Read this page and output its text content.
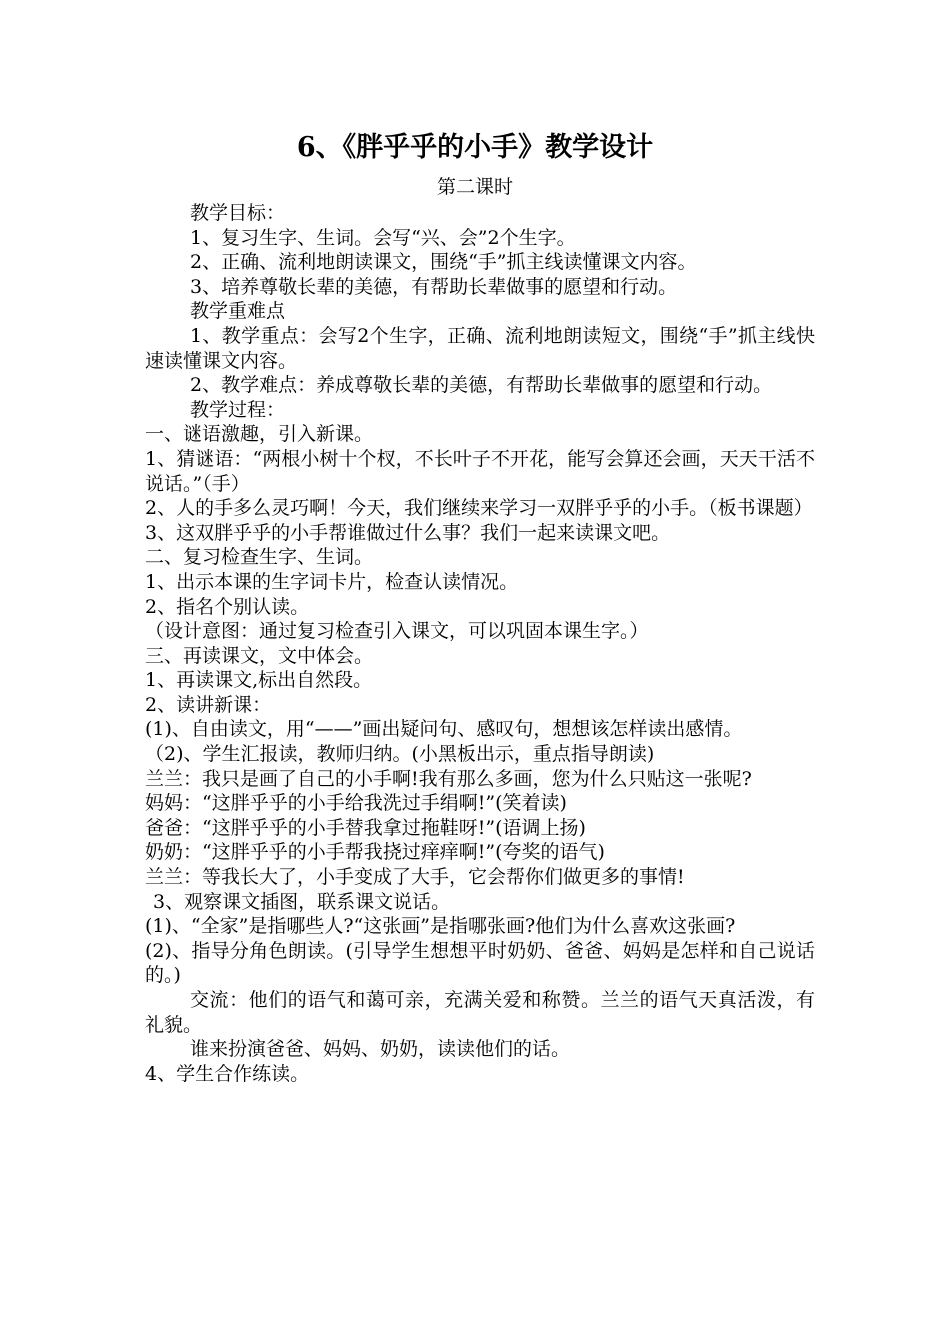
6、《胖乎乎的小手》教学设计
第二课时

教学目标：

1、复习生字、生词。会写“兴、会”2个生字。

2、正确、流利地朗读课文，围绕“手”抓主线读懂课文内容。

3、培养尊敬长辈的美德，有帮助长辈做事的愿望和行动。

教学重难点

1、教学重点：会写2个生字，正确、流利地朗读短文，围绕“手”抓主线快速读懂课文内容。

2、教学难点：养成尊敬长辈的美德，有帮助长辈做事的愿望和行动。

教学过程：

一、谜语激趣，引入新课。

1、猜谜语：“两根小树十个杈，不长叶子不开花，能写会算还会画，天天干活不说话。”（手）

2、人的手多么灵巧啊！今天，我们继续来学习一双胖乎乎的小手。（板书课题）

3、这双胖乎乎的小手帮谁做过什么事？我们一起来读课文吧。

二、复习检查生字、生词。

1、出示本课的生字词卡片，检查认读情况。

2、指名个别认读。

（设计意图：通过复习检查引入课文，可以巩固本课生字。）

三、再读课文，文中体会。

1、再读课文,标出自然段。

2、读讲新课：

(1)、自由读文，用“——”画出疑问句、感叹句，想想该怎样读出感情。

（2)、学生汇报读，教师归纳。(小黑板出示，重点指导朗读)

兰兰：我只是画了自己的小手啊!我有那么多画，您为什么只贴这一张呢?

妈妈：“这胖乎乎的小手给我洗过手绢啊!”(笑着读)

爸爸：“这胖乎乎的小手替我拿过拖鞋呀!”(语调上扬)

奶奶：“这胖乎乎的小手帮我挠过痒痒啊!”(夸奖的语气)

兰兰：等我长大了，小手变成了大手，它会帮你们做更多的事情!

3、观察课文插图，联系课文说话。

(1)、“全家”是指哪些人?“这张画”是指哪张画?他们为什么喜欢这张画?

(2)、指导分角色朗读。(引导学生想想平时奶奶、爸爸、妈妈是怎样和自己说话的。)

交流：他们的语气和蔼可亲，充满关爱和称赞。兰兰的语气天真活泼，有礼貌。

谁来扮演爸爸、妈妈、奶奶，读读他们的话。

4、学生合作练读。
